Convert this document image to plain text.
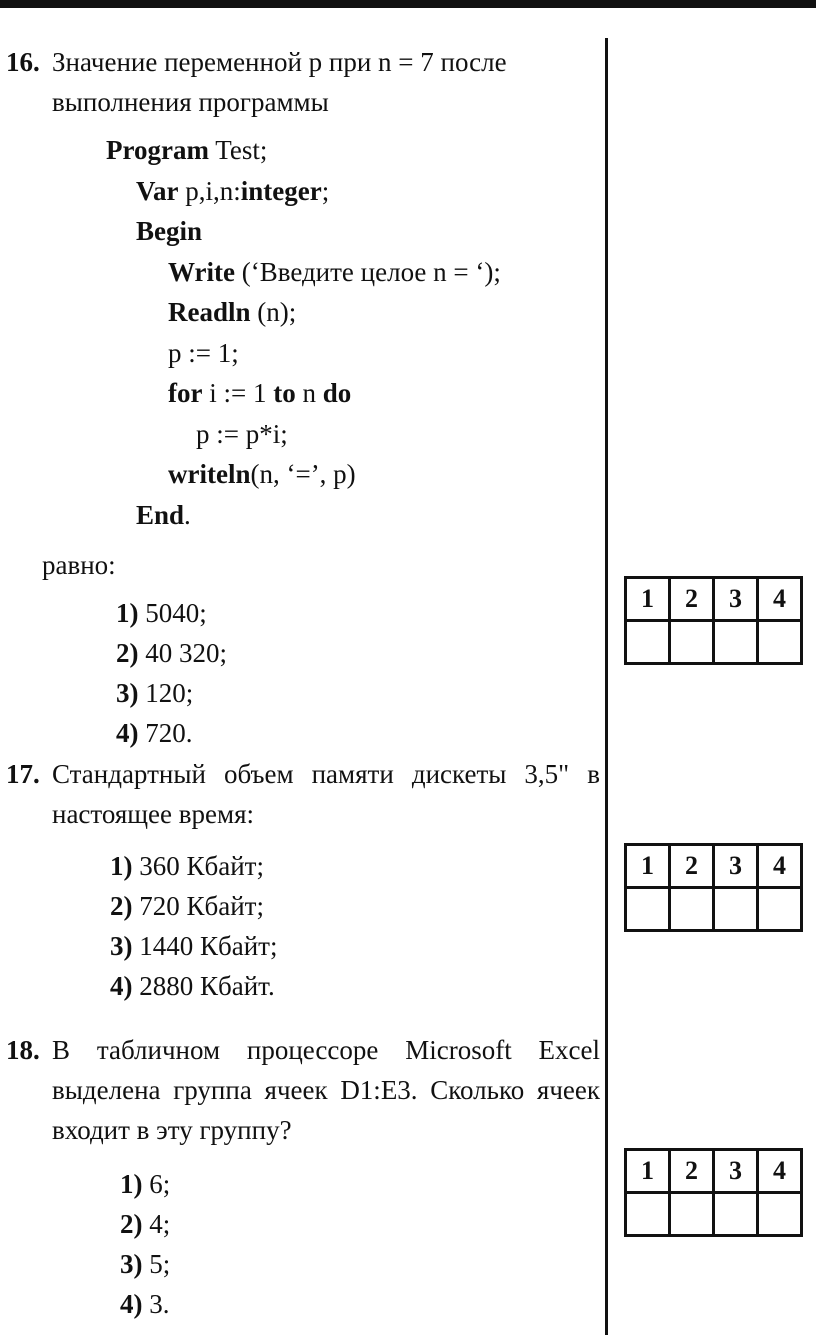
16. Значение переменной p при n = 7 после выполнения программы
Program Test;
Var p,i,n:integer;
Begin
Write (‘Введите целое n = ‘);
Readln (n);
p := 1;
for i := 1 to n do
p := p*i;
writeln(n, ‘=’, p)
End.
равно:
1) 5040;
2) 40 320;
3) 120;
4) 720.
1	2	3	4

17. Стандартный объем памяти дискеты 3,5" в настоящее время:
1) 360 Кбайт;
2) 720 Кбайт;
3) 1440 Кбайт;
4) 2880 Кбайт.
1	2	3	4

18. В табличном процессоре Microsoft Excel выделена группа ячеек D1:E3. Сколько ячеек входит в эту группу?
1) 6;
2) 4;
3) 5;
4) 3.
1	2	3	4
